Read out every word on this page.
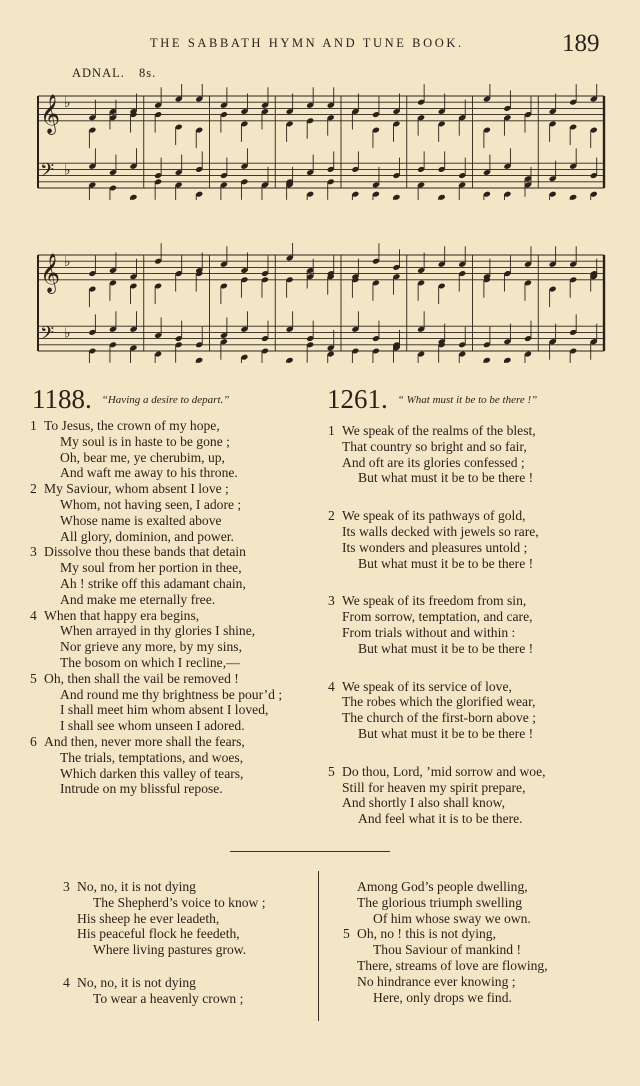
THE SABBATH HYMN AND TUNE BOOK.	189
ADNAL. 8s.
𝄞 ♭
𝄢 ♭
𝄞 ♭
𝄢 ♭
1188. “Having a desire to depart.”
1 To Jesus, the crown of my hope,
My soul is in haste to be gone ;
Oh, bear me, ye cherubim, up,
And waft me away to his throne.
2 My Saviour, whom absent I love ;
Whom, not having seen, I adore ;
Whose name is exalted above
All glory, dominion, and power.
3 Dissolve thou these bands that detain
My soul from her portion in thee,
Ah ! strike off this adamant chain,
And make me eternally free.
4 When that happy era begins,
When arrayed in thy glories I shine,
Nor grieve any more, by my sins,
The bosom on which I recline,—
5 Oh, then shall the vail be removed !
And round me thy brightness be pour’d ;
I shall meet him whom absent I loved,
I shall see whom unseen I adored.
6 And then, never more shall the fears,
The trials, temptations, and woes,
Which darken this valley of tears,
Intrude on my blissful repose.
1261. “ What must it be to be there !”
1 We speak of the realms of the blest,
That country so bright and so fair,
And oft are its glories confessed ;
But what must it be to be there !
2 We speak of its pathways of gold,
Its walls decked with jewels so rare,
Its wonders and pleasures untold ;
But what must it be to be there !
3 We speak of its freedom from sin,
From sorrow, temptation, and care,
From trials without and within :
But what must it be to be there !
4 We speak of its service of love,
The robes which the glorified wear,
The church of the first-born above ;
But what must it be to be there !
5 Do thou, Lord, ’mid sorrow and woe,
Still for heaven my spirit prepare,
And shortly I also shall know,
And feel what it is to be there.
3 No, no, it is not dying
The Shepherd’s voice to know ;
His sheep he ever leadeth,
His peaceful flock he feedeth,
Where living pastures grow.
4 No, no, it is not dying
To wear a heavenly crown ;
Among God’s people dwelling,
The glorious triumph swelling
Of him whose sway we own.
5 Oh, no ! this is not dying,
Thou Saviour of mankind !
There, streams of love are flowing,
No hindrance ever knowing ;
Here, only drops we find.
